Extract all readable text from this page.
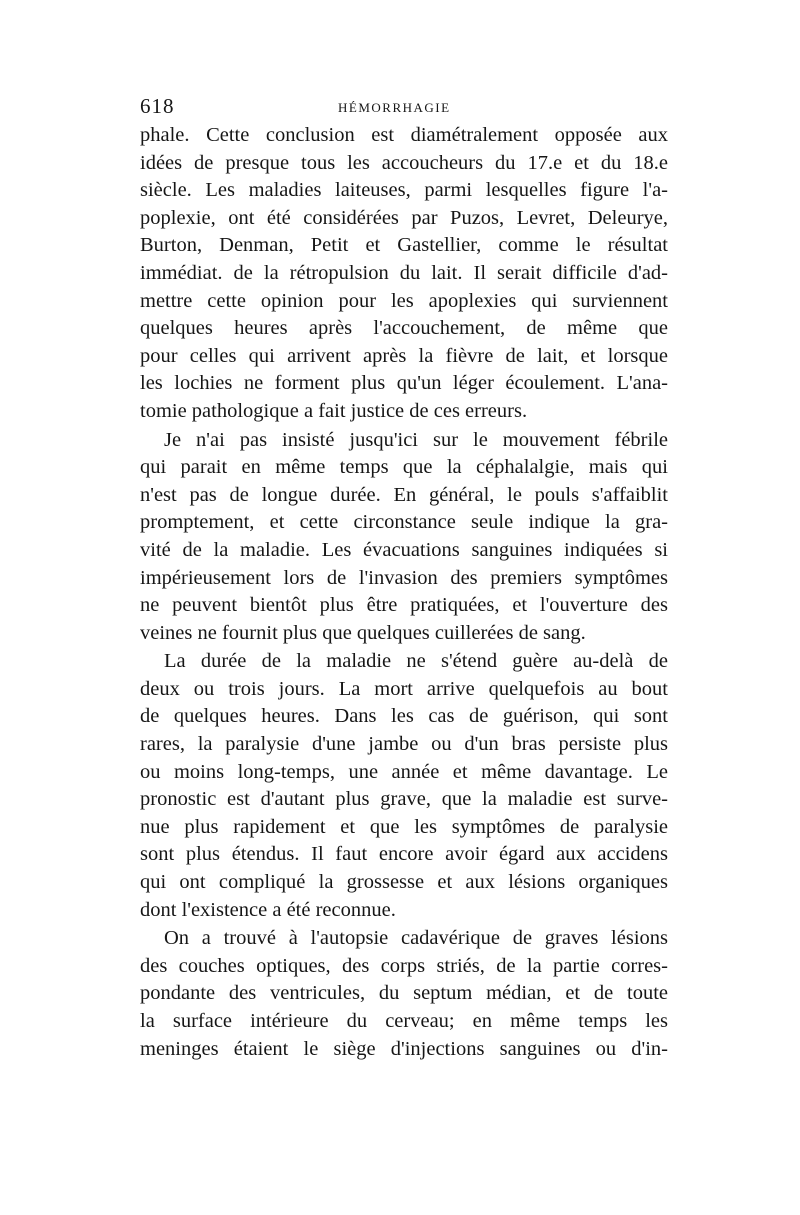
618	HÉMORRHAGIE
phale. Cette conclusion est diamétralement opposée aux
idées de presque tous les accoucheurs du 17.e et du 18.e
siècle. Les maladies laiteuses, parmi lesquelles figure l'a-
poplexie, ont été considérées par Puzos, Levret, Deleurye,
Burton, Denman, Petit et Gastellier, comme le résultat
immédiat. de la rétropulsion du lait. Il serait difficile d'ad-
mettre cette opinion pour les apoplexies qui surviennent
quelques heures après l'accouchement, de même que
pour celles qui arrivent après la fièvre de lait, et lorsque
les lochies ne forment plus qu'un léger écoulement. L'ana-
tomie pathologique a fait justice de ces erreurs.
Je n'ai pas insisté jusqu'ici sur le mouvement fébrile
qui parait en même temps que la céphalalgie, mais qui
n'est pas de longue durée. En général, le pouls s'affaiblit
promptement, et cette circonstance seule indique la gra-
vité de la maladie. Les évacuations sanguines indiquées si
impérieusement lors de l'invasion des premiers symptômes
ne peuvent bientôt plus être pratiquées, et l'ouverture des
veines ne fournit plus que quelques cuillerées de sang.
La durée de la maladie ne s'étend guère au-delà de
deux ou trois jours. La mort arrive quelquefois au bout
de quelques heures. Dans les cas de guérison, qui sont
rares, la paralysie d'une jambe ou d'un bras persiste plus
ou moins long-temps, une année et même davantage. Le
pronostic est d'autant plus grave, que la maladie est surve-
nue plus rapidement et que les symptômes de paralysie
sont plus étendus. Il faut encore avoir égard aux accidens
qui ont compliqué la grossesse et aux lésions organiques
dont l'existence a été reconnue.
On a trouvé à l'autopsie cadavérique de graves lésions
des couches optiques, des corps striés, de la partie corres-
pondante des ventricules, du septum médian, et de toute
la surface intérieure du cerveau; en même temps les
meninges étaient le siège d'injections sanguines ou d'in-
